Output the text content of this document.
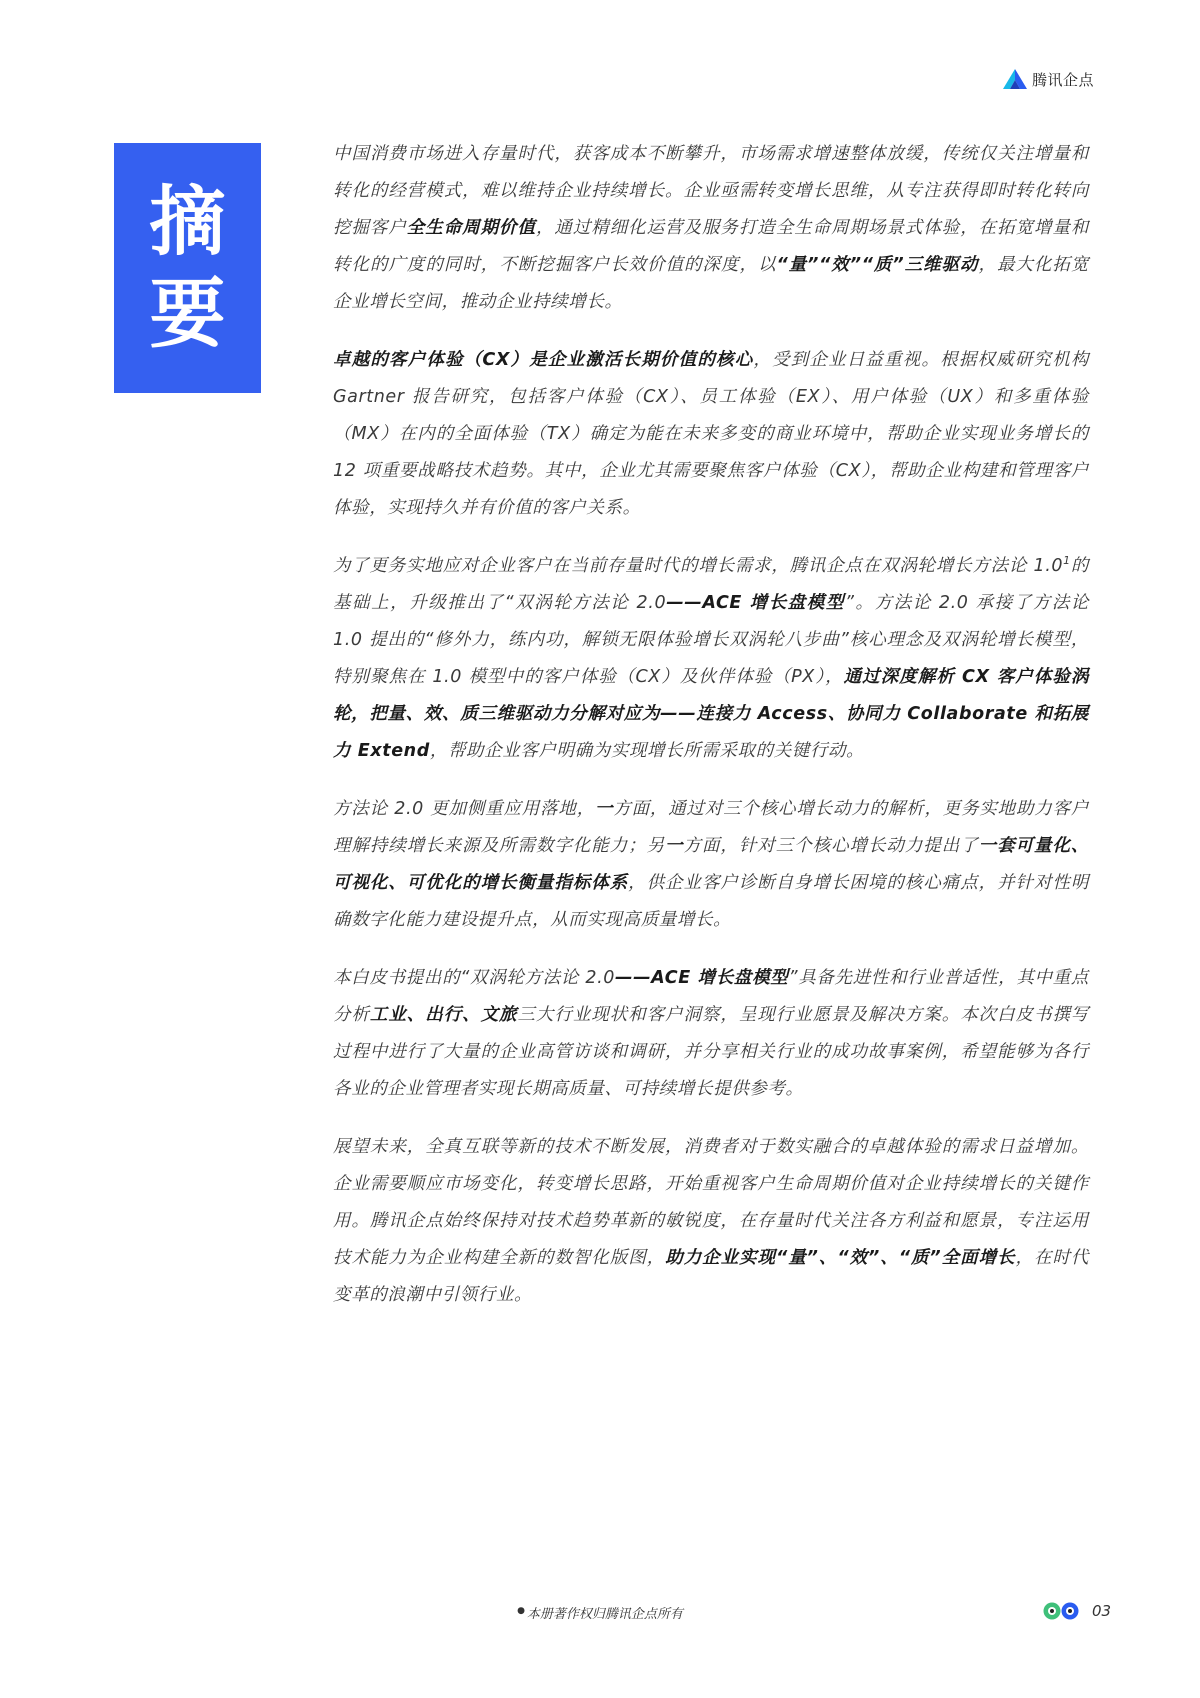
腾讯企点
摘
要

中国消费市场进入存量时代，获客成本不断攀升，市场需求增速整体放缓，传统仅关注增量和转化的经营模式，难以维持企业持续增长。企业亟需转变增长思维，从专注获得即时转化转向挖掘客户全生命周期价值，通过精细化运营及服务打造全生命周期场景式体验，在拓宽增量和转化的广度的同时，不断挖掘客户长效价值的深度，以“量”“效”“质”三维驱动，最大化拓宽企业增长空间，推动企业持续增长。

卓越的客户体验（CX）是企业激活长期价值的核心，受到企业日益重视。根据权威研究机构Gartner 报告研究，包括客户体验（CX）、员工体验（EX）、用户体验（UX）和多重体验（MX）在内的全面体验（TX）确定为能在未来多变的商业环境中，帮助企业实现业务增长的 12 项重要战略技术趋势。其中，企业尤其需要聚焦客户体验（CX），帮助企业构建和管理客户体验，实现持久并有价值的客户关系。

为了更务实地应对企业客户在当前存量时代的增长需求，腾讯企点在双涡轮增长方法论 $1.0^1$的基础上，升级推出了“双涡轮方法论 2.0——ACE 增长盘模型”。方法论 2.0 承接了方法论 1.0 提出的“修外力，练内功，解锁无限体验增长双涡轮八步曲”核心理念及双涡轮增长模型，特别聚焦在 1.0 模型中的客户体验（CX）及伙伴体验（PX），通过深度解析 CX 客户体验涡轮，把量、效、质三维驱动力分解对应为——连接力 Access、协同力 Collaborate 和拓展力 Extend，帮助企业客户明确为实现增长所需采取的关键行动。

方法论 2.0 更加侧重应用落地，一方面，通过对三个核心增长动力的解析，更务实地助力客户理解持续增长来源及所需数字化能力；另一方面，针对三个核心增长动力提出了一套可量化、可视化、可优化的增长衡量指标体系，供企业客户诊断自身增长困境的核心痛点，并针对性明确数字化能力建设提升点，从而实现高质量增长。

本白皮书提出的“双涡轮方法论 2.0——ACE 增长盘模型”具备先进性和行业普适性，其中重点分析工业、出行、文旅三大行业现状和客户洞察，呈现行业愿景及解决方案。本次白皮书撰写过程中进行了大量的企业高管访谈和调研，并分享相关行业的成功故事案例，希望能够为各行各业的企业管理者实现长期高质量、可持续增长提供参考。

展望未来，全真互联等新的技术不断发展，消费者对于数实融合的卓越体验的需求日益增加。企业需要顺应市场变化，转变增长思路，开始重视客户生命周期价值对企业持续增长的关键作用。腾讯企点始终保持对技术趋势革新的敏锐度，在存量时代关注各方利益和愿景，专注运用技术能力为企业构建全新的数智化版图，助力企业实现“量”、“效”、“质”全面增长，在时代变革的浪潮中引领行业。

● 本册著作权归腾讯企点所有	03
